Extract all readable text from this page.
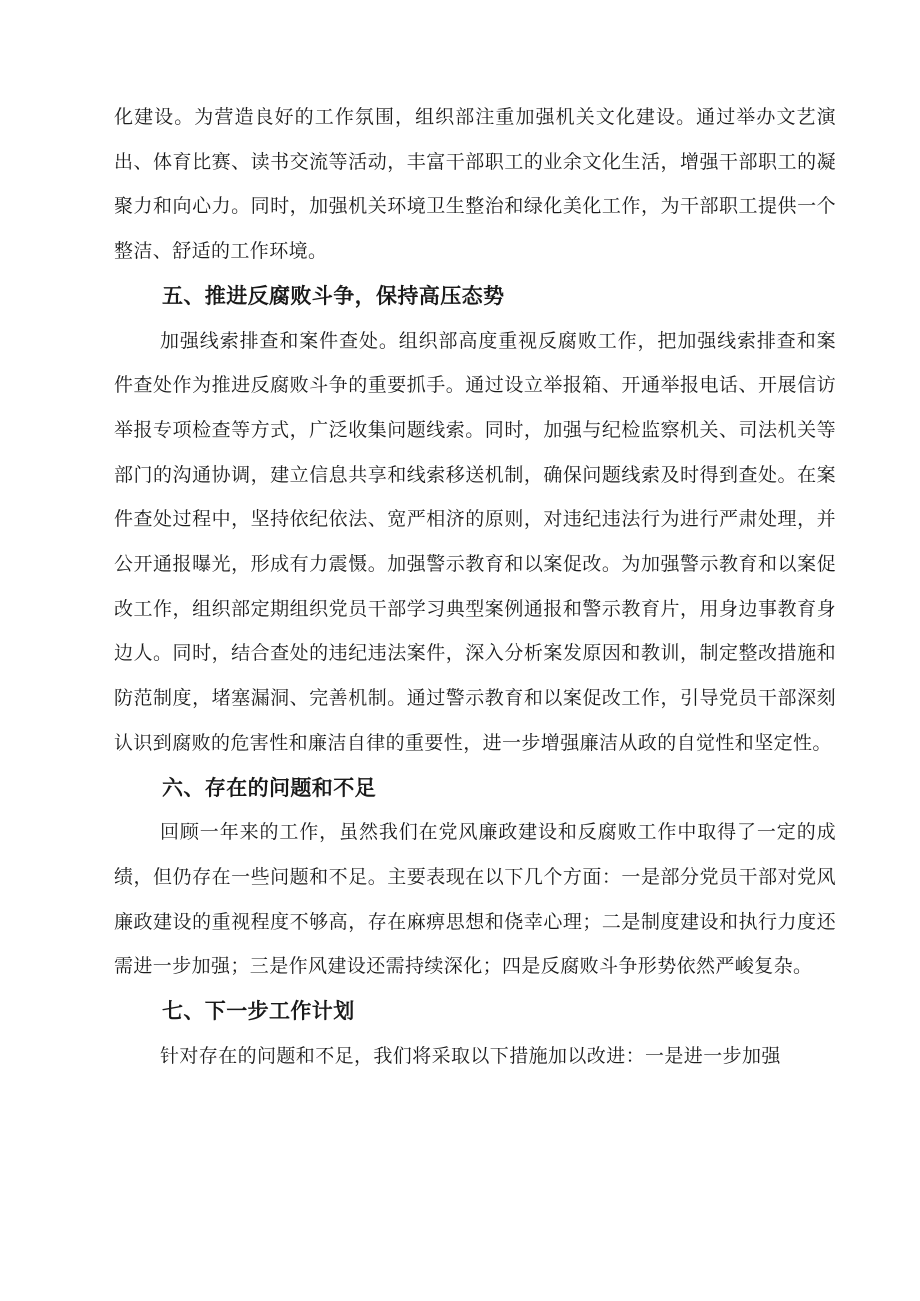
化建设。为营造良好的工作氛围，组织部注重加强机关文化建设。通过举办文艺演出、体育比赛、读书交流等活动，丰富干部职工的业余文化生活，增强干部职工的凝聚力和向心力。同时，加强机关环境卫生整治和绿化美化工作，为干部职工提供一个整洁、舒适的工作环境。

五、推进反腐败斗争，保持高压态势

加强线索排查和案件查处。组织部高度重视反腐败工作，把加强线索排查和案件查处作为推进反腐败斗争的重要抓手。通过设立举报箱、开通举报电话、开展信访举报专项检查等方式，广泛收集问题线索。同时，加强与纪检监察机关、司法机关等部门的沟通协调，建立信息共享和线索移送机制，确保问题线索及时得到查处。在案件查处过程中，坚持依纪依法、宽严相济的原则，对违纪违法行为进行严肃处理，并公开通报曝光，形成有力震慑。加强警示教育和以案促改。为加强警示教育和以案促改工作，组织部定期组织党员干部学习典型案例通报和警示教育片，用身边事教育身边人。同时，结合查处的违纪违法案件，深入分析案发原因和教训，制定整改措施和防范制度，堵塞漏洞、完善机制。通过警示教育和以案促改工作，引导党员干部深刻认识到腐败的危害性和廉洁自律的重要性，进一步增强廉洁从政的自觉性和坚定性。

六、存在的问题和不足

回顾一年来的工作，虽然我们在党风廉政建设和反腐败工作中取得了一定的成绩，但仍存在一些问题和不足。主要表现在以下几个方面：一是部分党员干部对党风廉政建设的重视程度不够高，存在麻痹思想和侥幸心理；二是制度建设和执行力度还需进一步加强；三是作风建设还需持续深化；四是反腐败斗争形势依然严峻复杂。

七、下一步工作计划

针对存在的问题和不足，我们将采取以下措施加以改进：一是进一步加强
